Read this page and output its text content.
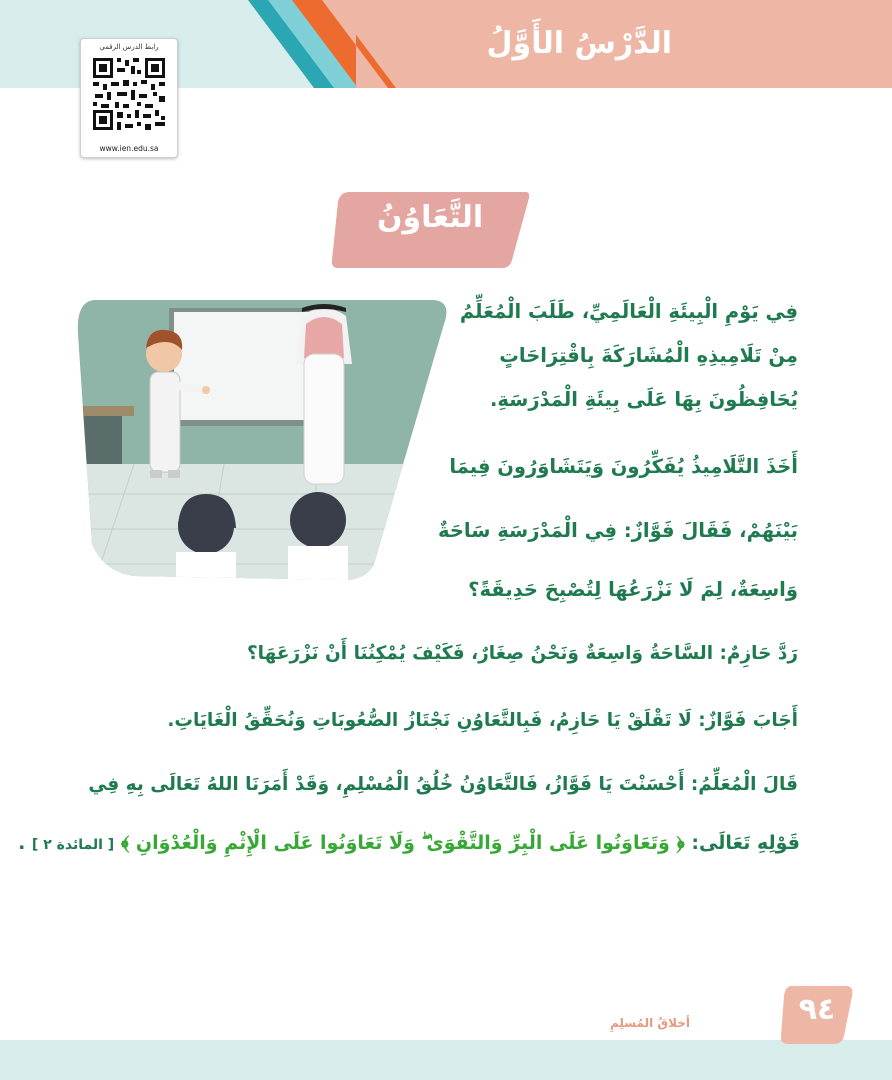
الدَّرْسُ الأَوَّلُ
رابط الدرس الرقمي
www.ien.edu.sa
التَّعَاوُنُ
فِي يَوْمِ الْبِيئَةِ الْعَالَمِيِّ، طَلَبَ الْمُعَلِّمُ
مِنْ تَلَامِيذِهِ الْمُشَارَكَةَ بِاقْتِرَاحَاتٍ
يُحَافِظُونَ بِهَا عَلَى بِيئَةِ الْمَدْرَسَةِ.
أَخَذَ التَّلَامِيذُ يُفَكِّرُونَ وَيَتَشَاوَرُونَ فِيمَا
بَيْنَهُمْ، فَقَالَ فَوَّازٌ: فِي الْمَدْرَسَةِ سَاحَةٌ
وَاسِعَةٌ، لِمَ لَا نَزْرَعُهَا لِتُصْبِحَ حَدِيقَةً؟
رَدَّ حَازِمٌ: السَّاحَةُ وَاسِعَةٌ وَنَحْنُ صِغَارٌ، فَكَيْفَ يُمْكِنُنَا أَنْ نَزْرَعَهَا؟
أَجَابَ فَوَّازٌ: لَا تَقْلَقْ يَا حَازِمُ، فَبِالتَّعَاوُنِ نَجْتَازُ الصُّعُوبَاتِ وَنُحَقِّقُ الْغَايَاتِ.
قَالَ الْمُعَلِّمُ: أَحْسَنْتَ يَا فَوَّازُ، فَالتَّعَاوُنُ خُلُقُ الْمُسْلِمِ، وَقَدْ أَمَرَنَا اللهُ تَعَالَى بِهِ فِي
قَوْلِهِ تَعَالَى: ﴿ وَتَعَاوَنُوا عَلَى الْبِرِّ وَالتَّقْوَىٰ ۖ وَلَا تَعَاوَنُوا عَلَى الْإِثْمِ وَالْعُدْوَانِ ﴾ [ المائدة ٢ ] .
٩٤
أخلاقُ المُسلِمِ
